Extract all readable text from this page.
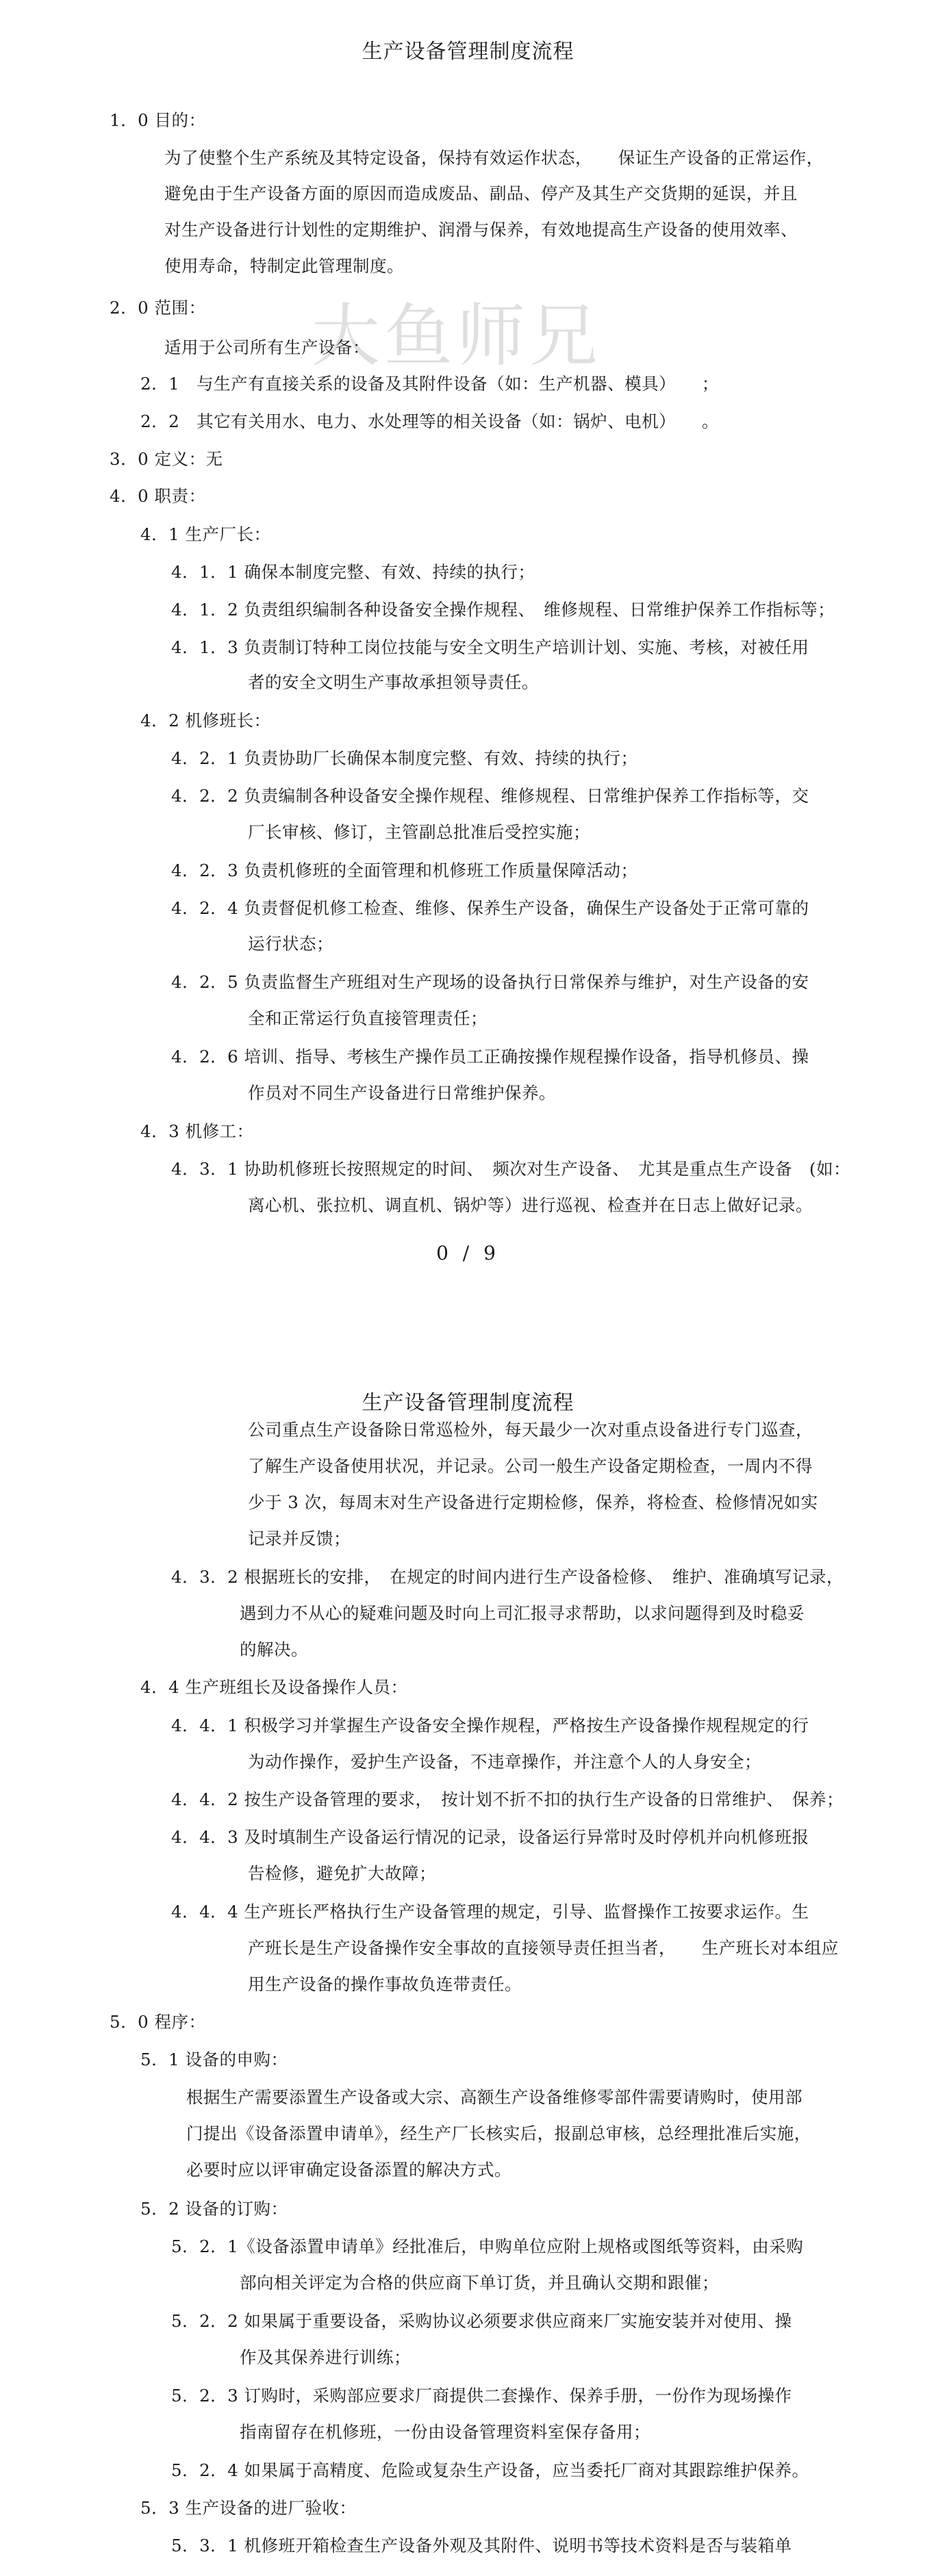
生产设备管理制度流程
大鱼师兄
1．0 目的：
为了使整个生产系统及其特定设备，保持有效运作状态，　　保证生产设备的正常运作，
避免由于生产设备方面的原因而造成废品、副品、停产及其生产交货期的延误，并且
对生产设备进行计划性的定期维护、润滑与保养，有效地提高生产设备的使用效率、
使用寿命，特制定此管理制度。
2．0 范围：
适用于公司所有生产设备：
2．1　与生产有直接关系的设备及其附件设备（如：生产机器、模具）　　；
2．2　其它有关用水、电力、水处理等的相关设备（如：锅炉、电机）　　。
3．0 定义：无
4．0 职责：
4．1 生产厂长：
4．1．1 确保本制度完整、有效、持续的执行；
4．1．2 负责组织编制各种设备安全操作规程、　维修规程、日常维护保养工作指标等；
4．1．3 负责制订特种工岗位技能与安全文明生产培训计划、实施、考核，对被任用
者的安全文明生产事故承担领导责任。
4．2 机修班长：
4．2．1 负责协助厂长确保本制度完整、有效、持续的执行；
4．2．2 负责编制各种设备安全操作规程、维修规程、日常维护保养工作指标等，交
厂长审核、修订，主管副总批准后受控实施；
4．2．3 负责机修班的全面管理和机修班工作质量保障活动；
4．2．4 负责督促机修工检查、维修、保养生产设备，确保生产设备处于正常可靠的
运行状态；
4．2．5 负责监督生产班组对生产现场的设备执行日常保养与维护，对生产设备的安
全和正常运行负直接管理责任；
4．2．6 培训、指导、考核生产操作员工正确按操作规程操作设备，指导机修员、操
作员对不同生产设备进行日常维护保养。
4．3 机修工：
4．3．1 协助机修班长按照规定的时间、　频次对生产设备、　尤其是重点生产设备　(如：
离心机、张拉机、调直机、锅炉等）进行巡视、检查并在日志上做好记录。
0 / 9
生产设备管理制度流程
公司重点生产设备除日常巡检外，每天最少一次对重点设备进行专门巡查，
了解生产设备使用状况，并记录。公司一般生产设备定期检查，一周内不得
少于 3 次，每周末对生产设备进行定期检修，保养，将检查、检修情况如实
记录并反馈；
4．3．2 根据班长的安排，　在规定的时间内进行生产设备检修、　维护、准确填写记录，
遇到力不从心的疑难问题及时向上司汇报寻求帮助，以求问题得到及时稳妥
的解决。
4．4 生产班组长及设备操作人员：
4．4．1 积极学习并掌握生产设备安全操作规程，严格按生产设备操作规程规定的行
为动作操作，爱护生产设备，不违章操作，并注意个人的人身安全；
4．4．2 按生产设备管理的要求，　按计划不折不扣的执行生产设备的日常维护、　保养；
4．4．3 及时填制生产设备运行情况的记录，设备运行异常时及时停机并向机修班报
告检修，避免扩大故障；
4．4．4 生产班长严格执行生产设备管理的规定，引导、监督操作工按要求运作。生
产班长是生产设备操作安全事故的直接领导责任担当者，　　生产班长对本组应
用生产设备的操作事故负连带责任。
5．0 程序：
5．1 设备的申购：
根据生产需要添置生产设备或大宗、高额生产设备维修零部件需要请购时，使用部
门提出《设备添置申请单》，经生产厂长核实后，报副总审核，总经理批准后实施，
必要时应以评审确定设备添置的解决方式。
5．2 设备的订购：
5．2．1《设备添置申请单》经批准后，申购单位应附上规格或图纸等资料，由采购
部向相关评定为合格的供应商下单订货，并且确认交期和跟催；
5．2．2 如果属于重要设备，采购协议必须要求供应商来厂实施安装并对使用、操
作及其保养进行训练；
5．2．3 订购时，采购部应要求厂商提供二套操作、保养手册，一份作为现场操作
指南留存在机修班，一份由设备管理资料室保存备用；
5．2．4 如果属于高精度、危险或复杂生产设备，应当委托厂商对其跟踪维护保养。
5．3 生产设备的进厂验收：
5．3．1 机修班开箱检查生产设备外观及其附件、说明书等技术资料是否与装箱单
